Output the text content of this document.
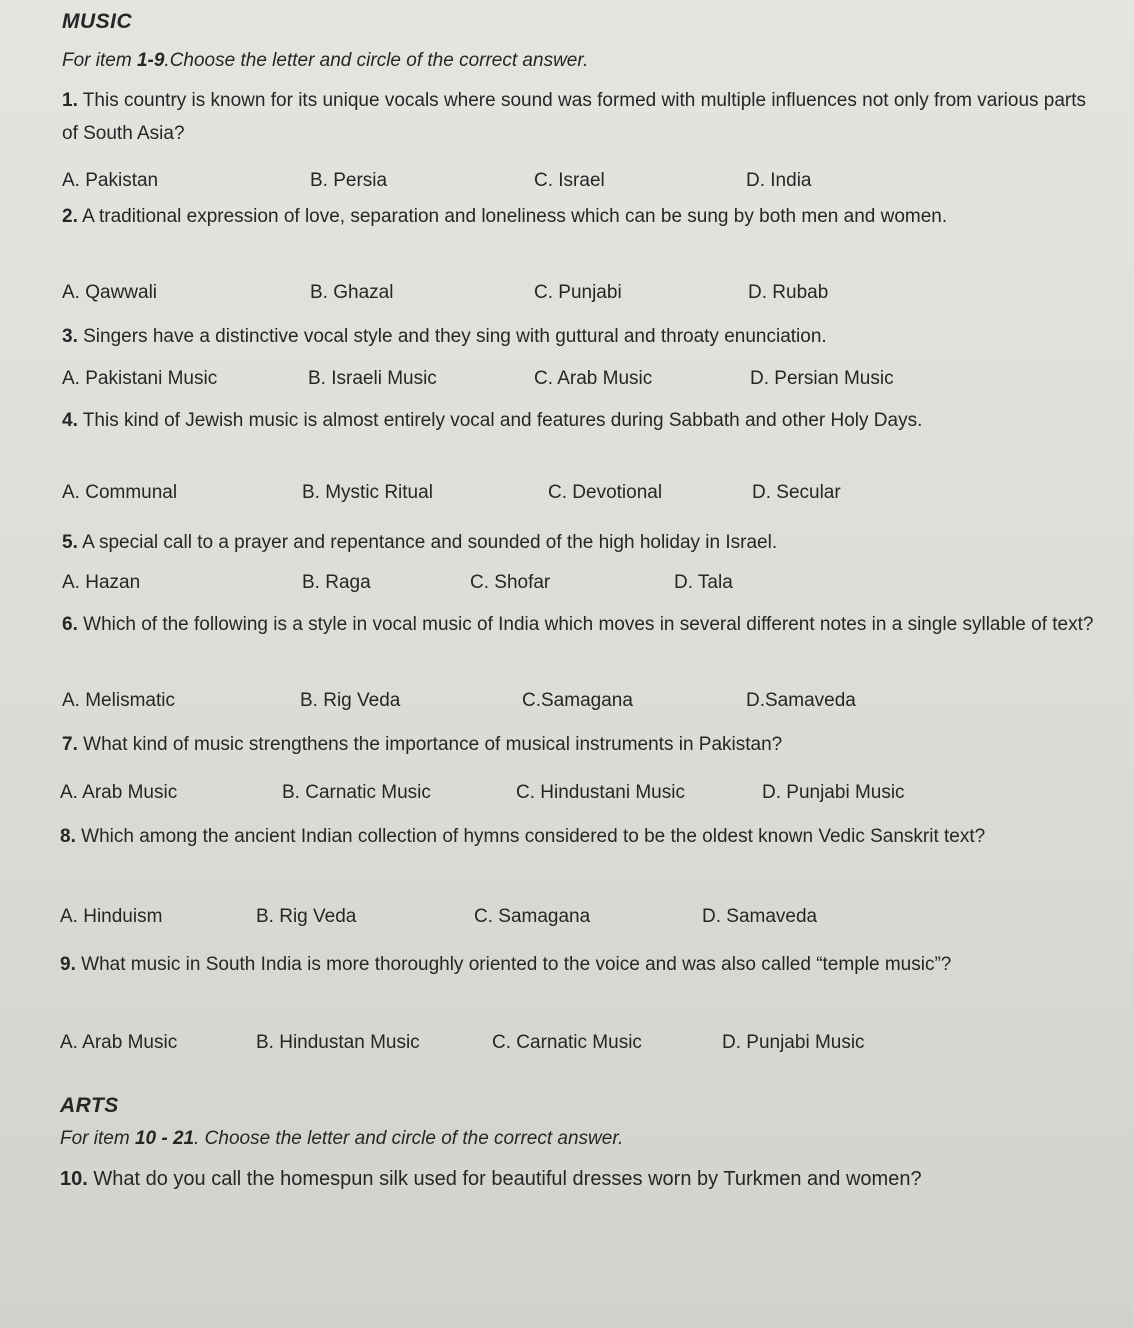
MUSIC
For item 1-9.Choose the letter and circle of the correct answer.
1. This country is known for its unique vocals where sound was formed with multiple influences not only from various parts of South Asia?
A. Pakistan	B. Persia	C. Israel	D. India
2. A traditional expression of love, separation and loneliness which can be sung by both men and women.
A. Qawwali	B. Ghazal	C. Punjabi	D. Rubab
3. Singers have a distinctive vocal style and they sing with guttural and throaty enunciation.
A. Pakistani Music	B. Israeli Music	C. Arab Music	D. Persian Music
4. This kind of Jewish music is almost entirely vocal and features during Sabbath and other Holy Days.
A. Communal	B. Mystic Ritual	C. Devotional	D. Secular
5. A special call to a prayer and repentance and sounded of the high holiday in Israel.
A. Hazan	B. Raga	C. Shofar	D. Tala
6. Which of the following is a style in vocal music of India which moves in several different notes in a single syllable of text?
A. Melismatic	B. Rig Veda	C.Samagana	D.Samaveda
7. What kind of music strengthens the importance of musical instruments in Pakistan?
A. Arab Music	B. Carnatic Music	C. Hindustani Music	D. Punjabi Music
8. Which among the ancient Indian collection of hymns considered to be the oldest known Vedic Sanskrit text?
A. Hinduism	B. Rig Veda	C. Samagana	D. Samaveda
9. What music in South India is more thoroughly oriented to the voice and was also called “temple music”?
A. Arab Music	B. Hindustan Music	C. Carnatic Music	D. Punjabi Music
ARTS
For item 10 - 21. Choose the letter and circle of the correct answer.
10. What do you call the homespun silk used for beautiful dresses worn by Turkmen and women?
